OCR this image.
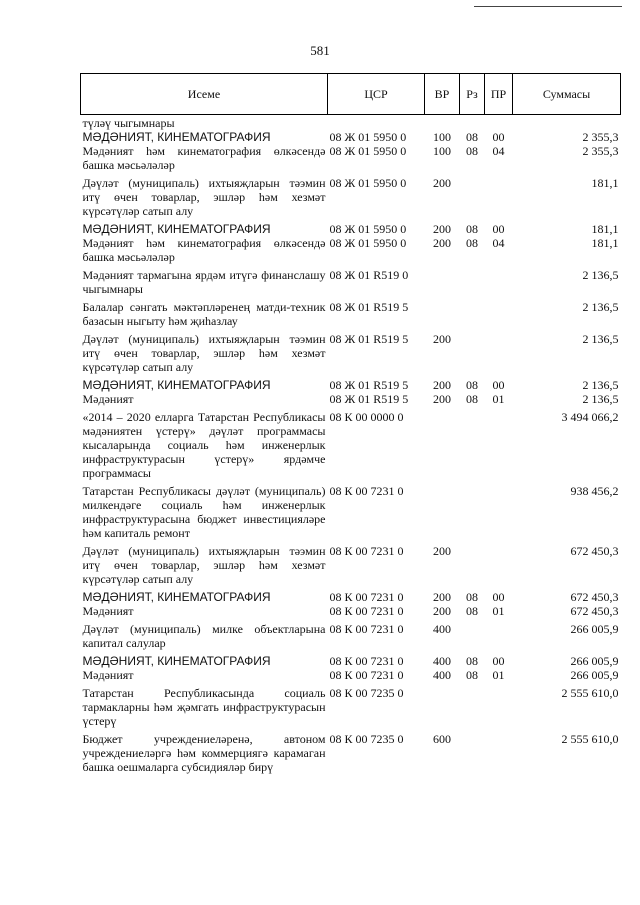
581
Исеме	ЦСР	ВР	Рз	ПР	Суммасы
түләү чыгымнары					
МӘДӘНИЯТ, КИНЕМАТОГРАФИЯ	08 Ж 01 5950 0	100	08	00	2 355,3
Мәдәният һәм кинематография өлкәсендә башка мәсьәләләр	08 Ж 01 5950 0	100	08	04	2 355,3
Дәүләт (муниципаль) ихтыяҗларын тәэмин итү өчен товарлар, эшләр һәм хезмәт күрсәтүләр сатып алу	08 Ж 01 5950 0	200			181,1
МӘДӘНИЯТ, КИНЕМАТОГРАФИЯ	08 Ж 01 5950 0	200	08	00	181,1
Мәдәният һәм кинематография өлкәсендә башка мәсьәләләр	08 Ж 01 5950 0	200	08	04	181,1
Мәдәният тармагына ярдәм итүгә финанслашу чыгымнары	08 Ж 01 R519 0				2 136,5
Балалар сәнгать мәктәпләренең матди-техник базасын ныгыту һәм җиһазлау	08 Ж 01 R519 5				2 136,5
Дәүләт (муниципаль) ихтыяҗларын тәэмин итү өчен товарлар, эшләр һәм хезмәт күрсәтүләр сатып алу	08 Ж 01 R519 5	200			2 136,5
МӘДӘНИЯТ, КИНЕМАТОГРАФИЯ	08 Ж 01 R519 5	200	08	00	2 136,5
Мәдәният	08 Ж 01 R519 5	200	08	01	2 136,5
«2014 – 2020 елларга Татарстан Республикасы мәдәниятен үстерү» дәүләт программасы кысаларында социаль һәм инженерлык инфраструктурасын үстерү» ярдәмче программасы	08 К 00 0000 0				3 494 066,2
Татарстан Республикасы дәүләт (муниципаль) милкендәге социаль һәм инженерлык инфраструктурасына бюджет инвестицияләре һәм капиталь ремонт	08 К 00 7231 0				938 456,2
Дәүләт (муниципаль) ихтыяҗларын тәэмин итү өчен товарлар, эшләр һәм хезмәт күрсәтүләр сатып алу	08 К 00 7231 0	200			672 450,3
МӘДӘНИЯТ, КИНЕМАТОГРАФИЯ	08 К 00 7231 0	200	08	00	672 450,3
Мәдәният	08 К 00 7231 0	200	08	01	672 450,3
Дәүләт (муниципаль) милке объектларына капитал салулар	08 К 00 7231 0	400			266 005,9
МӘДӘНИЯТ, КИНЕМАТОГРАФИЯ	08 К 00 7231 0	400	08	00	266 005,9
Мәдәният	08 К 00 7231 0	400	08	01	266 005,9
Татарстан Республикасында социаль тармакларны һәм җәмгать инфраструктурасын үстерү	08 К 00 7235 0				2 555 610,0
Бюджет учреждениеләренә, автоном учреждениеләргә һәм коммерциягә карамаган башка оешмаларга субсидияләр бирү	08 К 00 7235 0	600			2 555 610,0
